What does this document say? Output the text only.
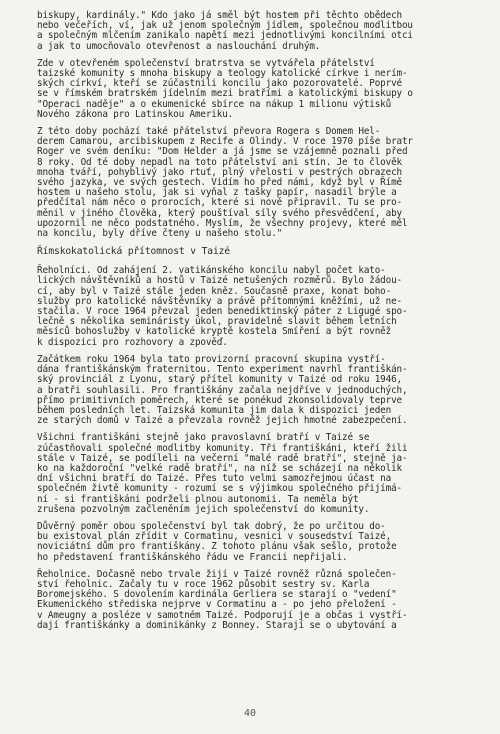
biskupy, kardinály." Kdo jako já směl být hostem při těchto obědech
nebo večeřích, ví, jak už jenom společným jídlem, společnou modlitbou
a společným mlčením zanikalo napětí mezi jednotlivými koncilními otci
a jak to umocňovalo otevřenost a naslouchání druhým.

Zde v otevřeném společenství bratrstva se vytvářela přátelství
taizské komunity s mnoha biskupy a teology katolické církve i nerím-
ských církví, kteří se zúčastnili koncilu jako pozorovatelé. Poprvé
se v římském bratrském jídelním mezi bratřími a katolickými biskupy o
"Operaci naděje" a o ekumenické sbírce na nákup 1 milionu výtisků
Nového zákona pro Latinskou Ameriku.

Z této doby pochází také přátelství převora Rogera s Domem Hel-
derem Camarou, arcibiskupem z Recife a Olindy. V roce 1970 píše bratr
Roger ve svém deníku: "Dom Helder a já jsme se vzájemně poznali před
8 roky. Od té doby nepadl na toto přátelství ani stín. Je to člověk
mnoha tváří, pohyblivý jako rtuť, plný vřelosti v pestrých obrazech
svého jazyka, ve svých gestech. Vidím ho před námi, když byl v Římě
hostem u našeho stolu, jak si vyňal z tašky papír, nasadil brýle a
předčítal nám něco o prorocích, které si nově připravil. Tu se pro-
měnil v jiného člověka, který pouštíval síly svého přesvědčení, aby
upozornil ne něco podstatného. Myslím, že všechny projevy, které měl
na koncilu, byly dříve čteny u našeho stolu."

Římskokatolická přítomnost v Taizé

Řeholníci. Od zahájení 2. vatikánského koncilu nabyl počet kato-
lických návštěvníků a hostů v Taizé netušených rozměrů. Bylo žádou-
cí, aby byl v Taizé stále jeden kněz. Současně praxe, konat boho-
služby pro katolické návštěvníky a právě přítomnými kněžími, už ne-
stačila. V roce 1964 převzal jeden benediktinský páter z Ligugé spo-
lečně s několika semináristy úkol, pravidelně slavit během letních
měsíců bohoslužby v katolické kryptě kostela Smíření a být rovněž
k dispozici pro rozhovory a zpověď.

Začátkem roku 1964 byla tato provizorní pracovní skupina vystří-
dána františkánským fraternitou. Tento experiment navrhl františkán-
ský provinciál z Lyonu, starý přítel komunity v Taizé od roku 1946,
a bratři souhlasili. Pro františkány začala nejdříve v jednoduchých,
přímo primitivních poměrech, které se ponékud zkonsolidovaly teprve
během posledních let. Taizská komunita jim dala k dispozici jeden
ze starých domů v Taizé a převzala rovněž jejich hmotné zabezpečení.

Všichni františkáni stejně jako pravoslavní bratří v Taizé se
zúčastňovali společné modlitby komunity. Tři františkáni, kteří žili
stále v Taizé, se podíleli na večerní "malé radě bratří", stejně ja-
ko na každoroční "velké radě bratří", na níž se scházejí na několik
dní všichni bratří do Taizé. Přes tuto velmi samozřejmou účast na
společném živtě komunity - rozumí se s výjimkou společného přijímá-
ní - si františkáni podrželi plnou autonomii. Ta neměla být
zrušena pozvolným začleněním jejich společenství do komunity.

Důvěrný poměr obou společenství byl tak dobrý, že po určitou do-
bu existoval plán zřídit v Cormatinu, vesnici v sousedství Taizé,
noviciátní dům pro františkány. Z tohoto plánu však sešlo, protože
ho představení františkánského řádu ve Francii nepřijali.

Řeholnice. Dočasně nebo trvale žijí v Taizé rovněž různá společen-
ství řeholnic. Začaly tu v roce 1962 působit sestry sv. Karla
Boromejského. S dovolením kardinála Gerliera se starají o "vedení"
Ekumenického střediska nejprve v Cormatinu a - po jeho přeložení -
v Ameugny a posléze v samotném Taizé. Podporují je a občas i vystří-
dají františkánky a dominikánky z Bonney. Starají se o ubytování a

40
